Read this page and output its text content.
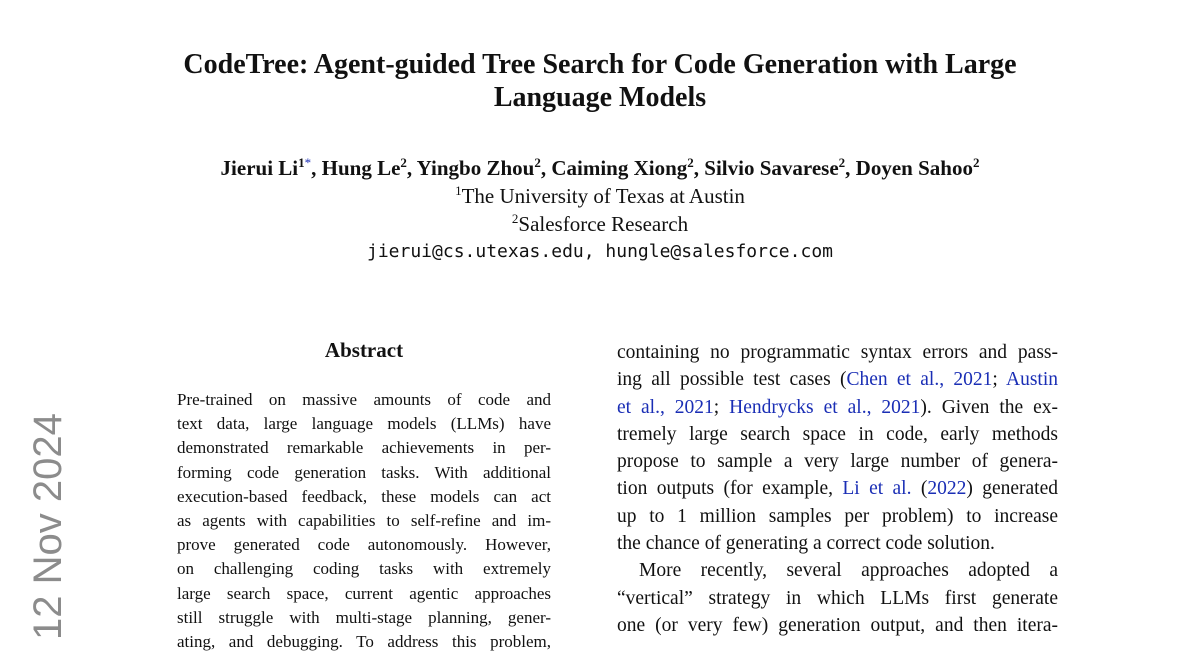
12 Nov 2024
CodeTree: Agent-guided Tree Search for Code Generation with Large
Language Models
Jierui $Li^{1*}$, Hung Le$^2$, Yingbo Zhou$^2$, Caiming Xiong$^2$, Silvio Savarese$^2$, Doyen Sahoo$^2$
$^1$The University of Texas at Austin
$^2$Salesforce Research
jierui@cs.utexas.edu, hungle@salesforce.com
Abstract
Pre-trained on massive amounts of code and
text data, large language models (LLMs) have
demonstrated remarkable achievements in per-
forming code generation tasks. With additional
execution-based feedback, these models can act
as agents with capabilities to self-refine and im-
prove generated code autonomously. However,
on challenging coding tasks with extremely
large search space, current agentic approaches
still struggle with multi-stage planning, gener-
ating, and debugging. To address this problem,
containing no programmatic syntax errors and pass-
ing all possible test cases (Chen et al., 2021; Austin
et al., 2021; Hendrycks et al., 2021). Given the ex-
tremely large search space in code, early methods
propose to sample a very large number of genera-
tion outputs (for example, Li et al. (2022) generated
up to 1 million samples per problem) to increase
the chance of generating a correct code solution.
More recently, several approaches adopted a
“vertical” strategy in which LLMs first generate
one (or very few) generation output, and then itera-
